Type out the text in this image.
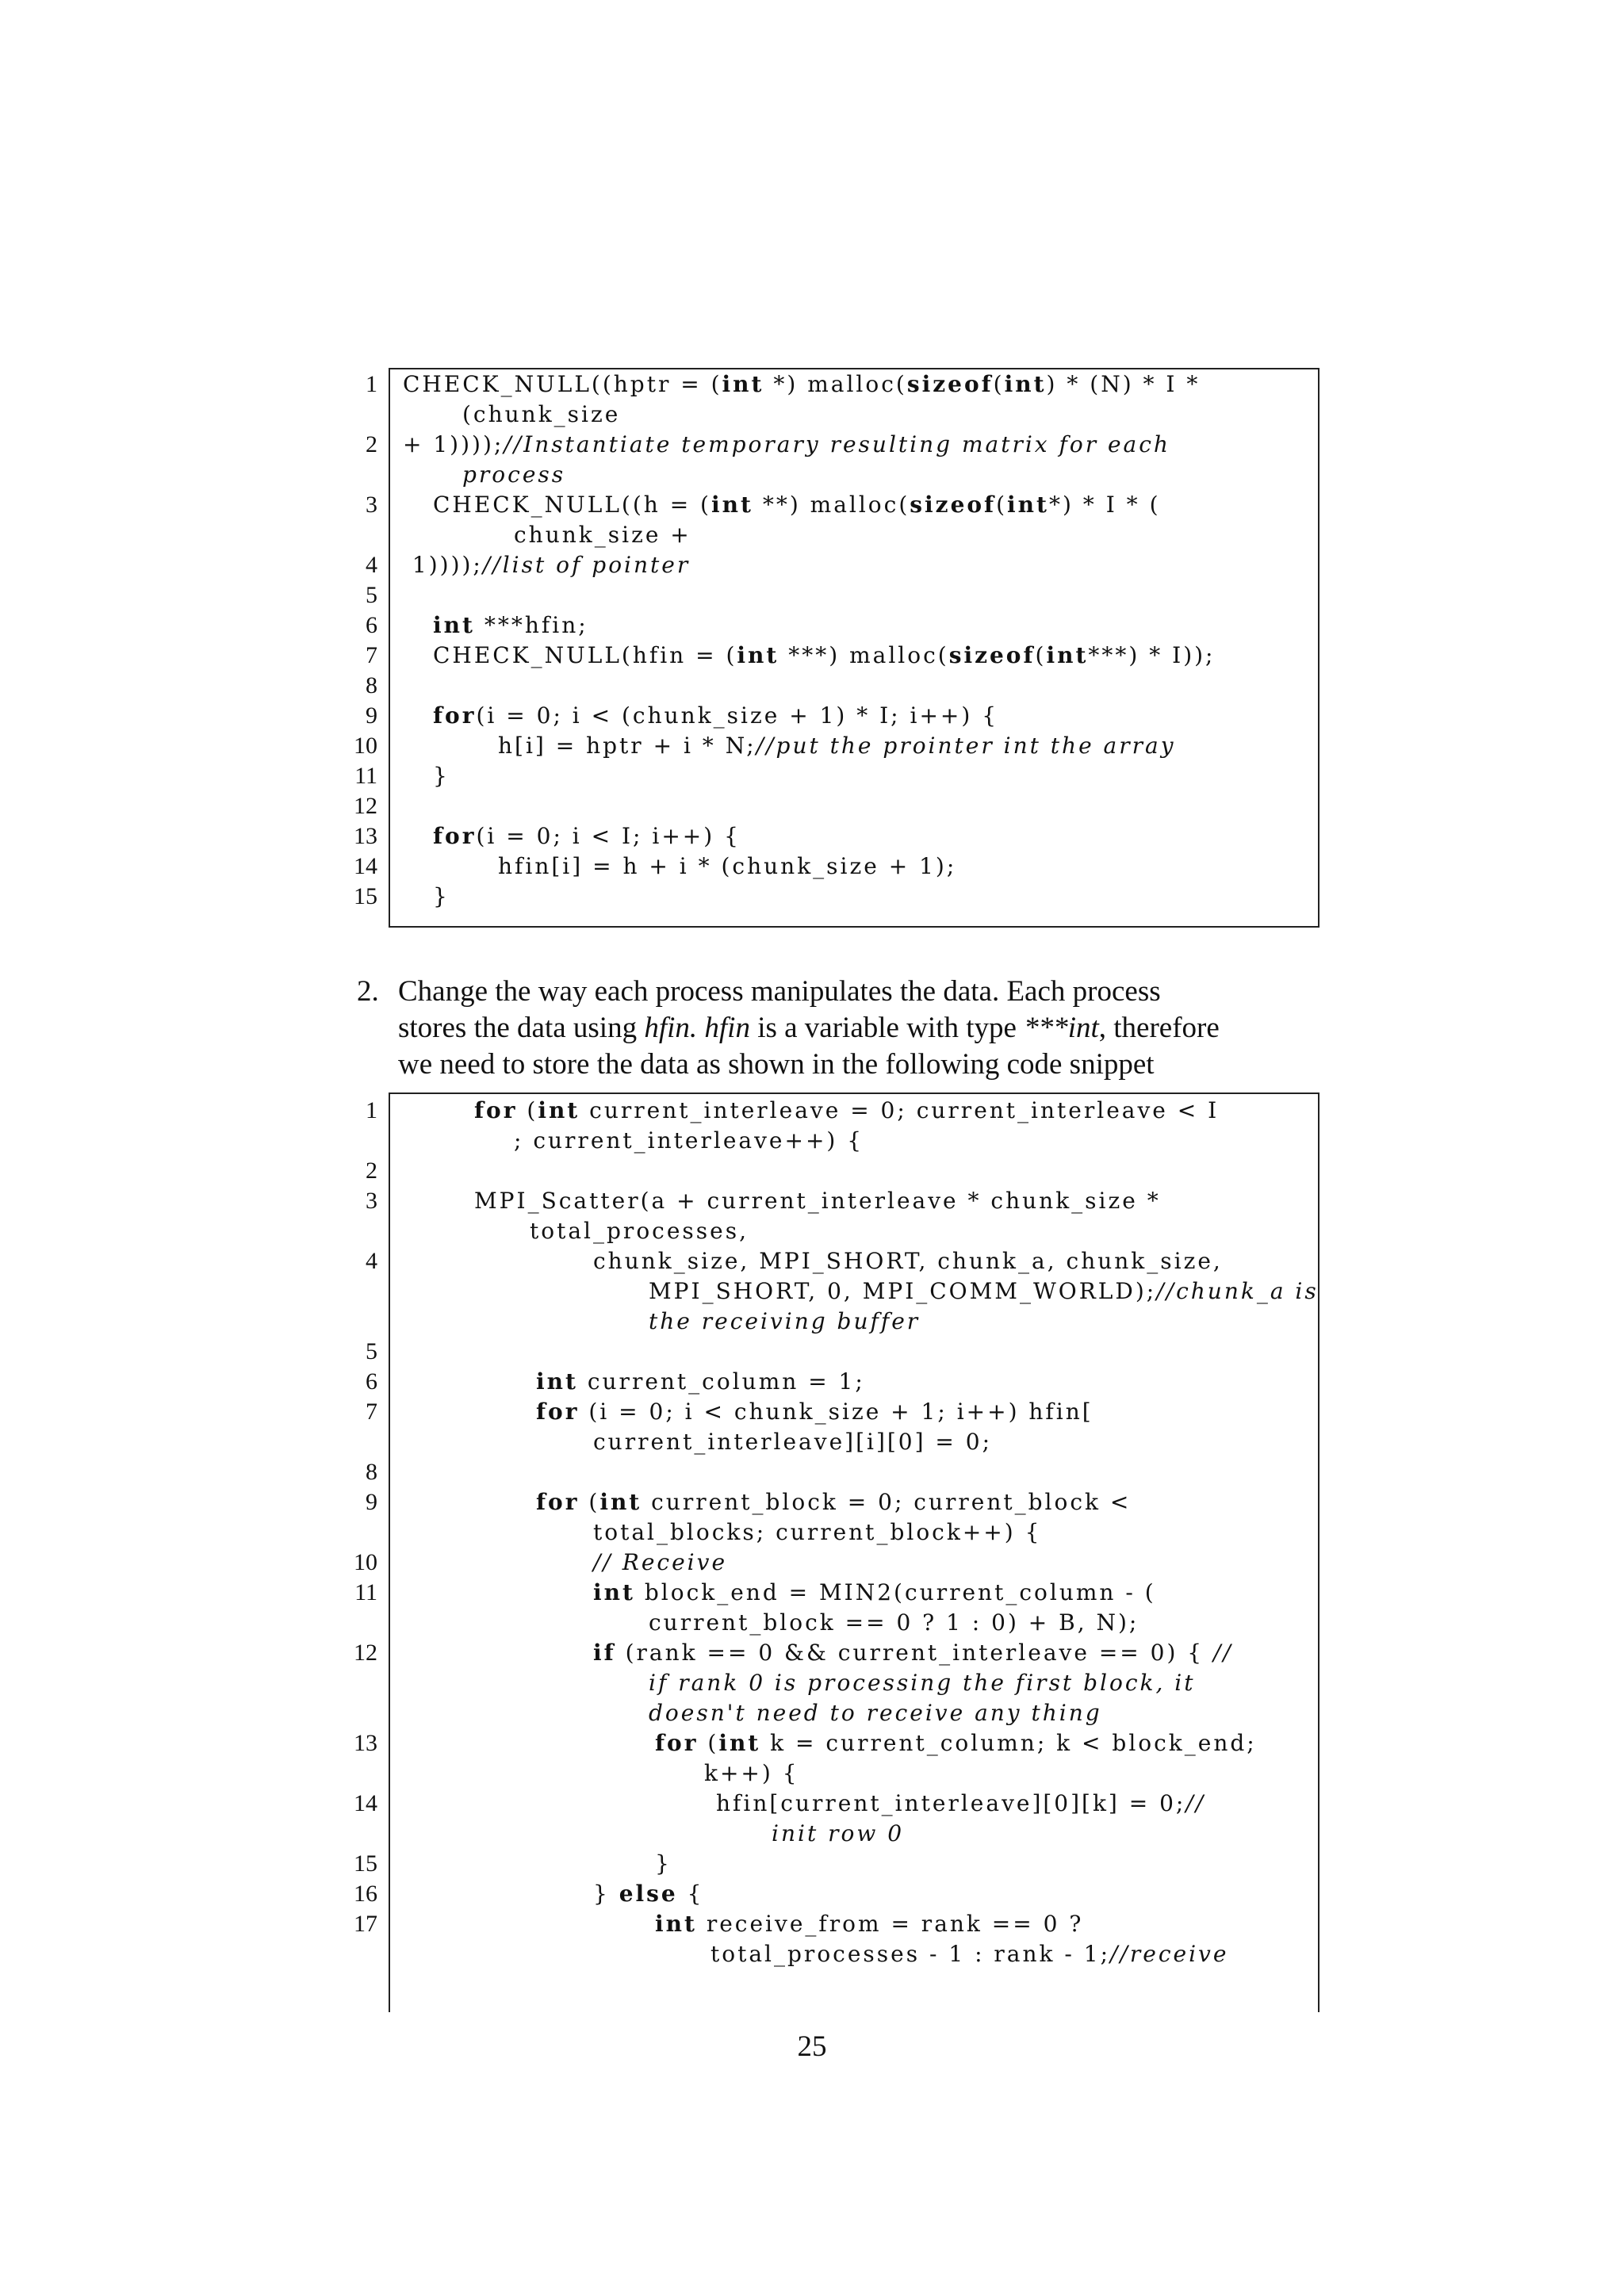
1	CHECK_NULL((hptr = (int *) malloc(sizeof(int) * (N) * I *
(chunk_size
2	+ 1))));//Instantiate temporary resulting matrix for each
process
3	CHECK_NULL((h = (int **) malloc(sizeof(int*) * I * (
chunk_size +
4	1))));//list of pointer
5
6	int ***hfin;
7	CHECK_NULL(hfin = (int ***) malloc(sizeof(int***) * I));
8
9	for(i = 0; i < (chunk_size + 1) * I; i++) {
10	h[i] = hptr + i * N;//put the prointer int the array
11	}
12
13	for(i = 0; i < I; i++) {
14	hfin[i] = h + i * (chunk_size + 1);
15	}
2. Change the way each process manipulates the data. Each process
stores the data using hfin. hfin is a variable with type ***int, therefore
we need to store the data as shown in the following code snippet
1	for (int current_interleave = 0; current_interleave < I
; current_interleave++) {
2
3	MPI_Scatter(a + current_interleave * chunk_size *
total_processes,
4	chunk_size, MPI_SHORT, chunk_a, chunk_size,
MPI_SHORT, 0, MPI_COMM_WORLD);//chunk_a is
the receiving buffer
5
6	int current_column = 1;
7	for (i = 0; i < chunk_size + 1; i++) hfin[
current_interleave][i][0] = 0;
8
9	for (int current_block = 0; current_block <
total_blocks; current_block++) {
10	// Receive
11	int block_end = MIN2(current_column - (
current_block == 0 ? 1 : 0) + B, N);
12	if (rank == 0 && current_interleave == 0) { //
if rank 0 is processing the first block, it
doesn't need to receive any thing
13	for (int k = current_column; k < block_end;
k++) {
14	hfin[current_interleave][0][k] = 0;//
init row 0
15	}
16	} else {
17	int receive_from = rank == 0 ?
total_processes - 1 : rank - 1;//receive
25
